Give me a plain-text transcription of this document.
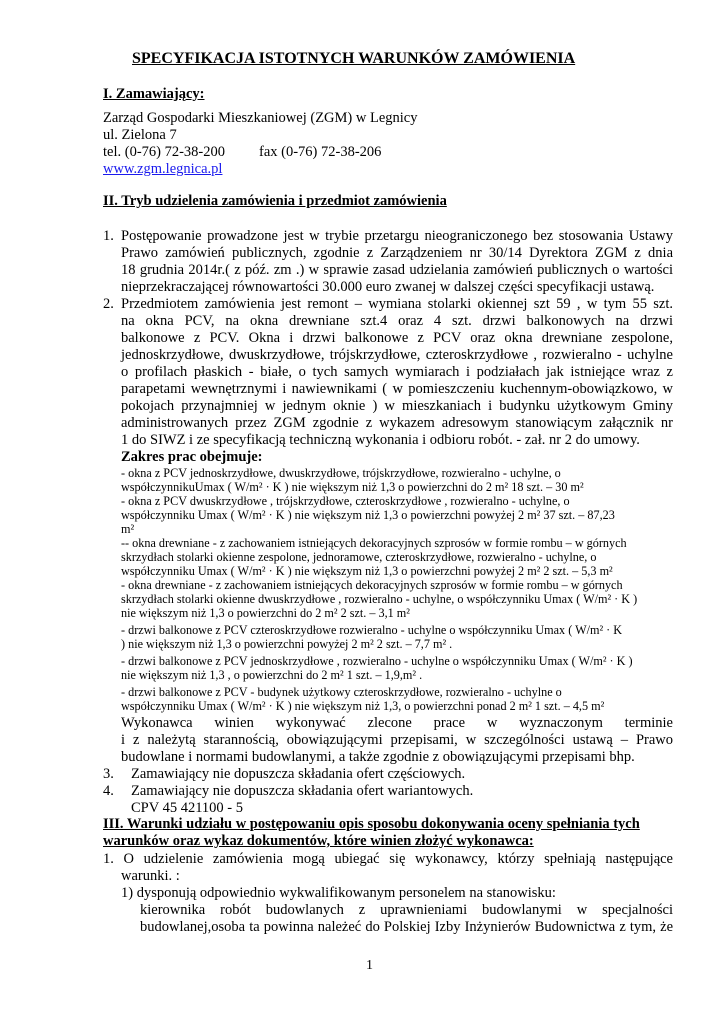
SPECYFIKACJA ISTOTNYCH WARUNKÓW ZAMÓWIENIA
I. Zamawiający:
Zarząd Gospodarki Mieszkaniowej (ZGM) w Legnicy
ul. Zielona 7
tel. (0-76) 72-38-200 fax (0-76) 72-38-206
www.zgm.legnica.pl
II. Tryb udzielenia zamówienia i przedmiot zamówienia
1. Postępowanie prowadzone jest w trybie przetargu nieograniczonego bez stosowania Ustawy
Prawo zamówień publicznych, zgodnie z Zarządzeniem nr 30/14 Dyrektora ZGM z dnia
18 grudnia 2014r.( z póź. zm .) w sprawie zasad udzielania zamówień publicznych o wartości
nieprzekraczającej równowartości 30.000 euro zwanej w dalszej części specyfikacji ustawą.
2. Przedmiotem zamówienia jest remont – wymiana stolarki okiennej szt 59 , w tym 55 szt.
na okna PCV, na okna drewniane szt.4 oraz 4 szt. drzwi balkonowych na drzwi
balkonowe z PCV. Okna i drzwi balkonowe z PCV oraz okna drewniane zespolone,
jednoskrzydłowe, dwuskrzydłowe, trójskrzydłowe, czteroskrzydłowe , rozwieralno - uchylne
o profilach płaskich - białe, o tych samych wymiarach i podziałach jak istniejące wraz z
parapetami wewnętrznymi i nawiewnikami ( w pomieszczeniu kuchennym-obowiązkowo, w
pokojach przynajmniej w jednym oknie ) w mieszkaniach i budynku użytkowym Gminy
administrowanych przez ZGM zgodnie z wykazem adresowym stanowiącym załącznik nr
1 do SIWZ i ze specyfikacją techniczną wykonania i odbioru robót. - zał. nr 2 do umowy.
Zakres prac obejmuje:
- okna z PCV jednoskrzydłowe, dwuskrzydłowe, trójskrzydłowe, rozwieralno - uchylne, o
współczynnikuUmax ( W/m² · K ) nie większym niż 1,3 o powierzchni do 2 m² 18 szt. – 30 m²
- okna z PCV dwuskrzydłowe , trójskrzydłowe, czteroskrzydłowe , rozwieralno - uchylne, o
współczynniku Umax ( W/m² · K ) nie większym niż 1,3 o powierzchni powyżej 2 m² 37 szt. – 87,23
m²
-- okna drewniane - z zachowaniem istniejących dekoracyjnych szprosów w formie rombu – w górnych
skrzydłach stolarki okienne zespolone, jednoramowe, czteroskrzydłowe, rozwieralno - uchylne, o
współczynniku Umax ( W/m² · K ) nie większym niż 1,3 o powierzchni powyżej 2 m² 2 szt. – 5,3 m²
- okna drewniane - z zachowaniem istniejących dekoracyjnych szprosów w formie rombu – w górnych
skrzydłach stolarki okienne dwuskrzydłowe , rozwieralno - uchylne, o współczynniku Umax ( W/m² · K )
nie większym niż 1,3 o powierzchni do 2 m² 2 szt. – 3,1 m²
- drzwi balkonowe z PCV czteroskrzydłowe rozwieralno - uchylne o współczynniku Umax ( W/m² · K
) nie większym niż 1,3 o powierzchni powyżej 2 m² 2 szt. – 7,7 m² .
- drzwi balkonowe z PCV jednoskrzydłowe , rozwieralno - uchylne o współczynniku Umax ( W/m² · K )
nie większym niż 1,3 , o powierzchni do 2 m² 1 szt. – 1,9,m² .
- drzwi balkonowe z PCV - budynek użytkowy czteroskrzydłowe, rozwieralno - uchylne o
współczynniku Umax ( W/m² · K ) nie większym niż 1,3, o powierzchni ponad 2 m² 1 szt. – 4,5 m²
Wykonawca winien wykonywać zlecone prace w wyznaczonym terminie
i z należytą starannością, obowiązującymi przepisami, w szczególności ustawą – Prawo
budowlane i normami budowlanymi, a także zgodnie z obowiązującymi przepisami bhp.
3. Zamawiający nie dopuszcza składania ofert częściowych.
4. Zamawiający nie dopuszcza składania ofert wariantowych.
CPV 45 421100 - 5
III. Warunki udziału w postępowaniu opis sposobu dokonywania oceny spełniania tych
warunków oraz wykaz dokumentów, które winien złożyć wykonawca:
1. O udzielenie zamówienia mogą ubiegać się wykonawcy, którzy spełniają następujące
warunki. :
1) dysponują odpowiednio wykwalifikowanym personelem na stanowisku:
kierownika robót budowlanych z uprawnieniami budowlanymi w specjalności
budowlanej,osoba ta powinna należeć do Polskiej Izby Inżynierów Budownictwa z tym, że
1
